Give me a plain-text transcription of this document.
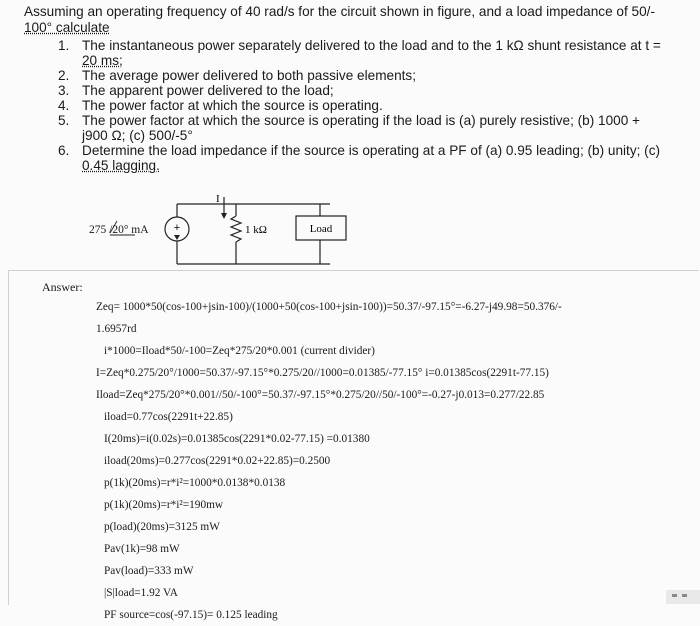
Assuming an operating frequency of 40 rad/s for the circuit shown in figure, and a load impedance of 50/-
100° calculate
1. The instantaneous power separately delivered to the load and to the 1 kΩ shunt resistance at t =
20 ms;
2. The average power delivered to both passive elements;
3. The apparent power delivered to the load;
4. The power factor at which the source is operating.
5. The power factor at which the source is operating if the load is (a) purely resistive; (b) 1000 +
j900 Ω; (c) 500/-5°
6. Determine the load impedance if the source is operating at a PF of (a) 0.95 leading; (b) unity; (c)
0.45 lagging.
+
275 /20° mA
I
1 kΩ	Load
Answer:
Zeq= 1000*50(cos-100+jsin-100)/(1000+50(cos-100+jsin-100))=50.37/-97.15°=-6.27-j49.98=50.376/-
1.6957rd
i*1000=Iload*50/-100=Zeq*275/20*0.001 (current divider)
I=Zeq*0.275/20°/1000=50.37/-97.15°*0.275/20//1000=0.01385/-77.15° i=0.01385cos(2291t-77.15)
Iload=Zeq*275/20°*0.001//50/-100°=50.37/-97.15°*0.275/20//50/-100°=-0.27-j0.013=0.277/22.85
iload=0.77cos(2291t+22.85)
I(20ms)=i(0.02s)=0.01385cos(2291*0.02-77.15) =0.01380
iload(20ms)=0.277cos(2291*0.02+22.85)=0.2500
p(1k)(20ms)=r*i²=1000*0.0138*0.0138
p(1k)(20ms)=r*i²=190mw
p(load)(20ms)=3125 mW
Pav(1k)=98 mW
Pav(load)=333 mW
|S|load=1.92 VA
PF source=cos(-97.15)= 0.125 leading
